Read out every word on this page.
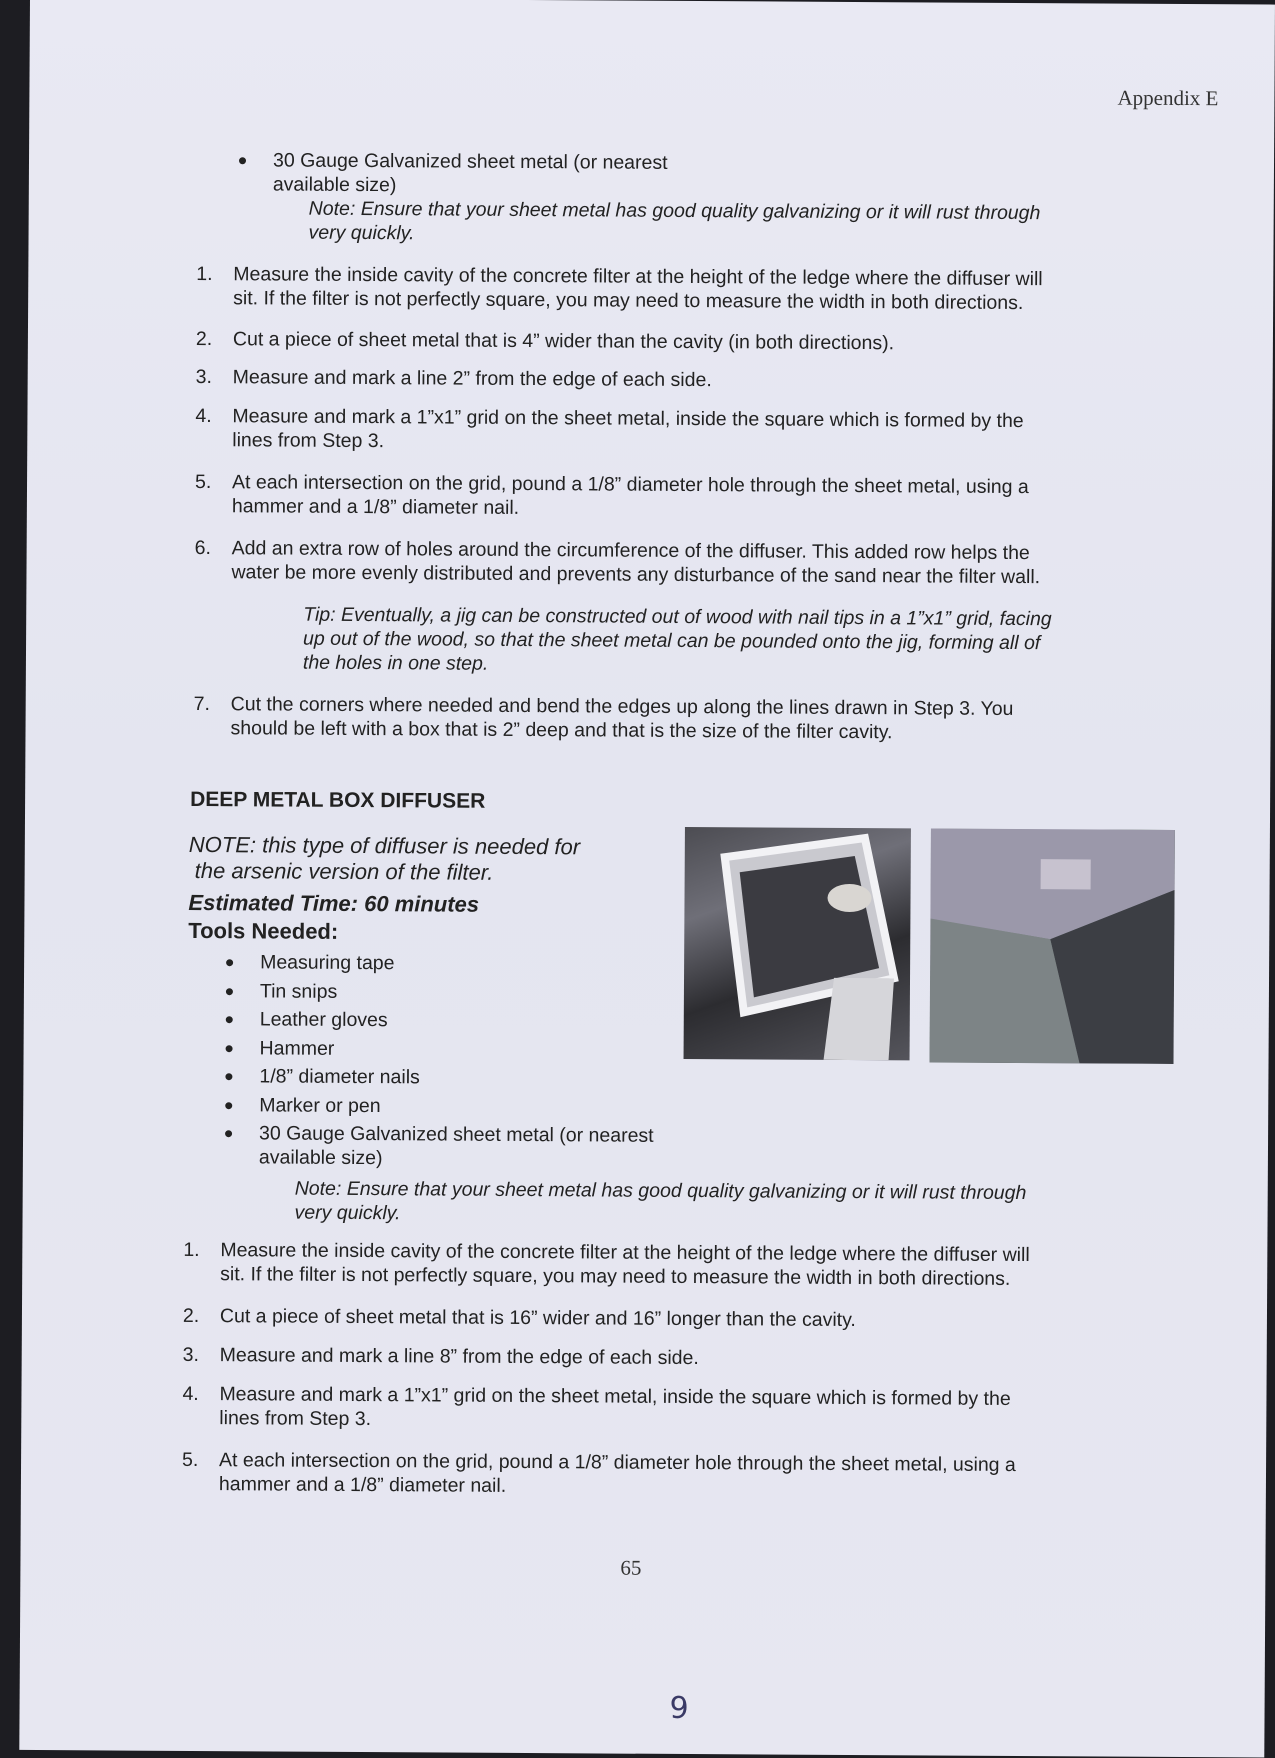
Appendix E
30 Gauge Galvanized sheet metal (or nearest
available size)
Note: Ensure that your sheet metal has good quality galvanizing or it will rust through
very quickly.
1. Measure the inside cavity of the concrete filter at the height of the ledge where the diffuser will
sit. If the filter is not perfectly square, you may need to measure the width in both directions.
2. Cut a piece of sheet metal that is 4” wider than the cavity (in both directions).
3. Measure and mark a line 2” from the edge of each side.
4. Measure and mark a 1”x1” grid on the sheet metal, inside the square which is formed by the
lines from Step 3.
5. At each intersection on the grid, pound a 1/8” diameter hole through the sheet metal, using a
hammer and a 1/8” diameter nail.
6. Add an extra row of holes around the circumference of the diffuser. This added row helps the
water be more evenly distributed and prevents any disturbance of the sand near the filter wall.
Tip: Eventually, a jig can be constructed out of wood with nail tips in a 1”x1” grid, facing
up out of the wood, so that the sheet metal can be pounded onto the jig, forming all of
the holes in one step.
7. Cut the corners where needed and bend the edges up along the lines drawn in Step 3. You
should be left with a box that is 2” deep and that is the size of the filter cavity.
DEEP METAL BOX DIFFUSER
NOTE: this type of diffuser is needed for
the arsenic version of the filter.
Estimated Time: 60 minutes
Tools Needed:
Measuring tape
Tin snips
Leather gloves
Hammer
1/8” diameter nails
Marker or pen
30 Gauge Galvanized sheet metal (or nearest
available size)
Note: Ensure that your sheet metal has good quality galvanizing or it will rust through
very quickly.
1. Measure the inside cavity of the concrete filter at the height of the ledge where the diffuser will
sit. If the filter is not perfectly square, you may need to measure the width in both directions.
2. Cut a piece of sheet metal that is 16” wider and 16” longer than the cavity.
3. Measure and mark a line 8” from the edge of each side.
4. Measure and mark a 1”x1” grid on the sheet metal, inside the square which is formed by the
lines from Step 3.
5. At each intersection on the grid, pound a 1/8” diameter hole through the sheet metal, using a
hammer and a 1/8” diameter nail.
65
9
